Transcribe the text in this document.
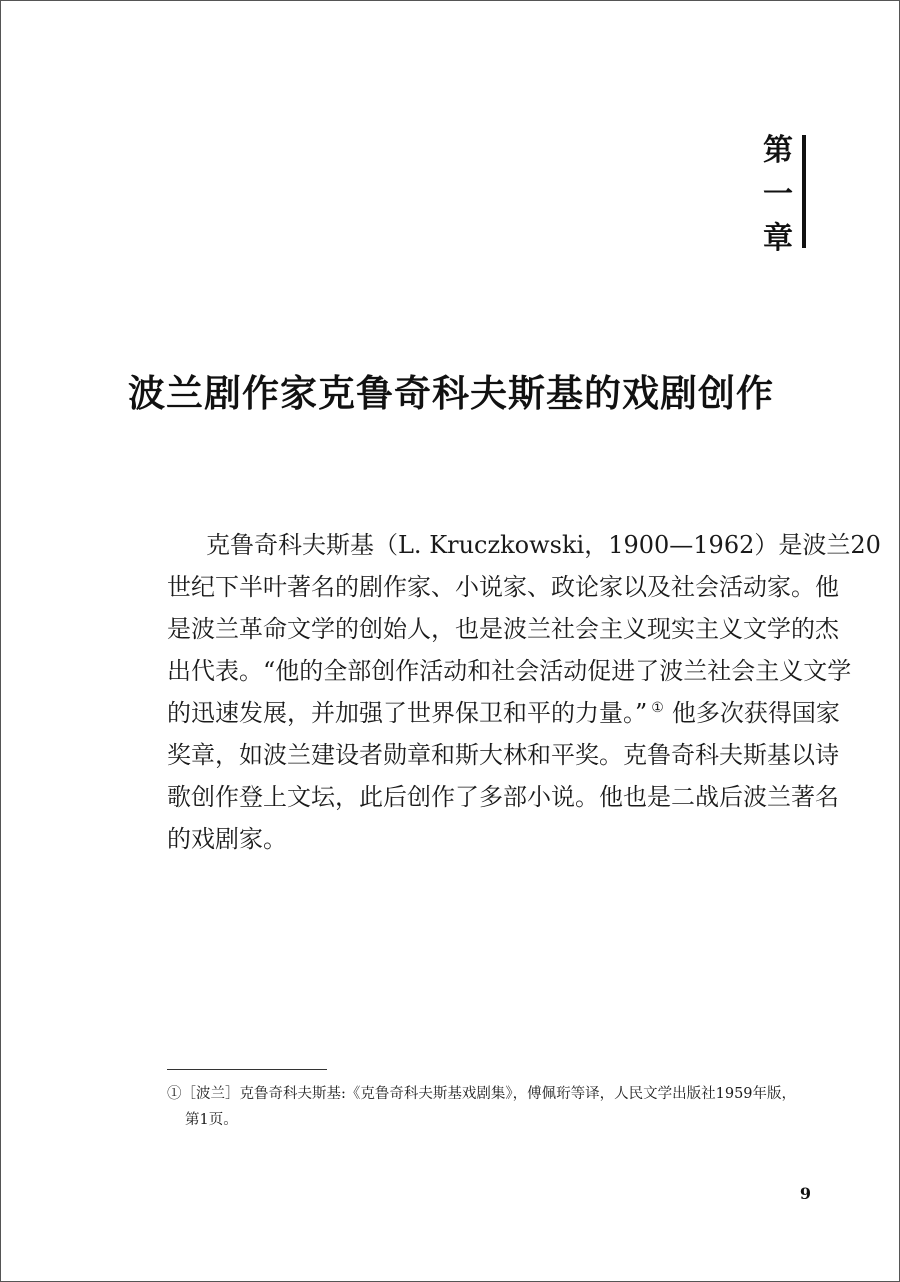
第
一
章
波兰剧作家克鲁奇科夫斯基的戏剧创作
克鲁奇科夫斯基（L. Kruczkowski，1900—1962）是波兰20
世纪下半叶著名的剧作家、小说家、政论家以及社会活动家。他
是波兰革命文学的创始人，也是波兰社会主义现实主义文学的杰
出代表。“他的全部创作活动和社会活动促进了波兰社会主义文学
的迅速发展，并加强了世界保卫和平的力量。” ① 他多次获得国家
奖章，如波兰建设者勋章和斯大林和平奖。克鲁奇科夫斯基以诗
歌创作登上文坛，此后创作了多部小说。他也是二战后波兰著名
的戏剧家。
①［波兰］克鲁奇科夫斯基:《克鲁奇科夫斯基戏剧集》，傅佩珩等译，人民文学出版社1959年版，
第1页。
9
